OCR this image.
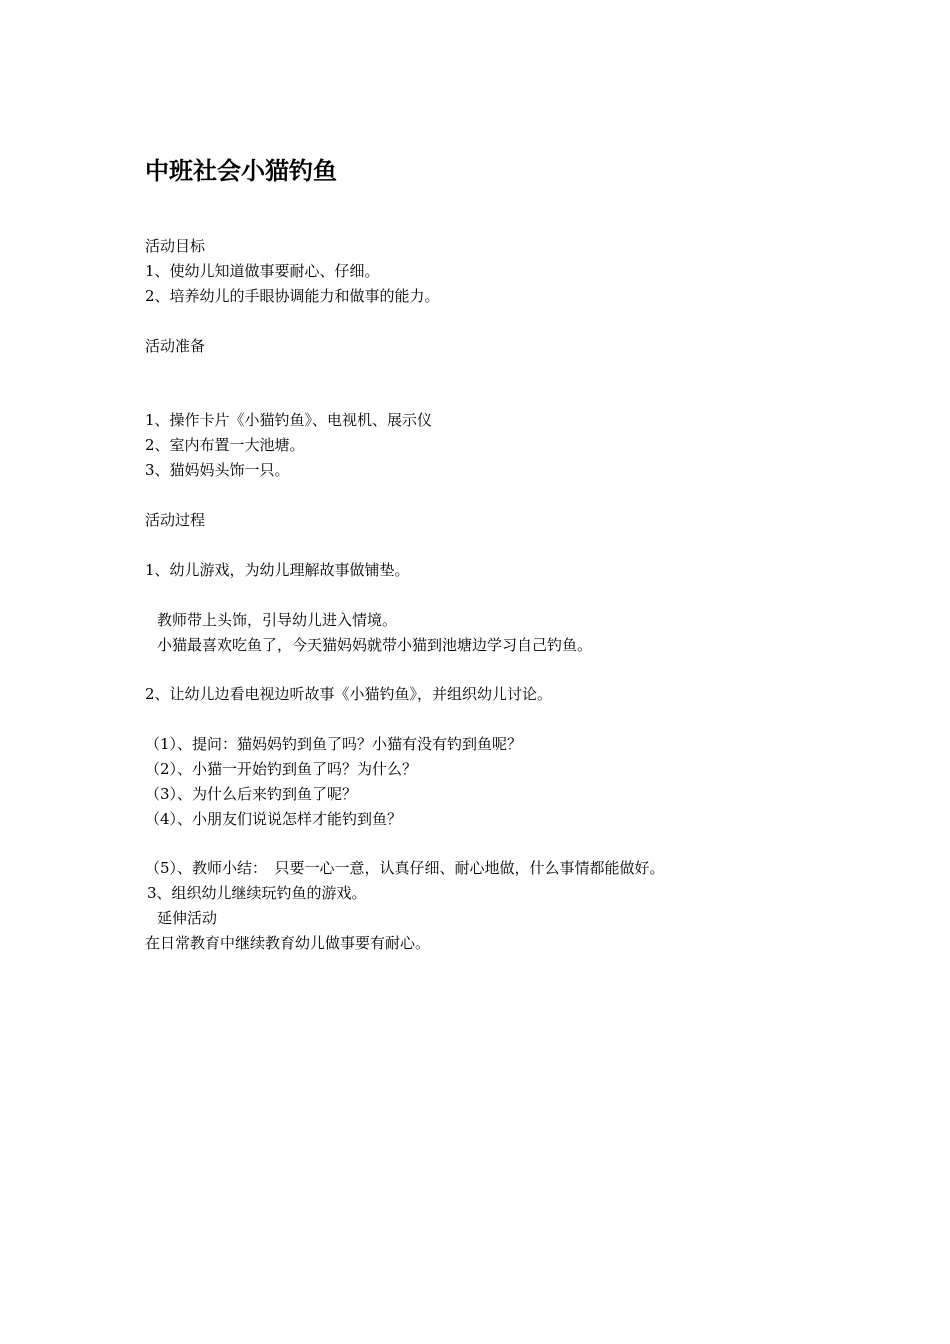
中班社会小猫钓鱼
活动目标
1、使幼儿知道做事要耐心、仔细。
2、培养幼儿的手眼协调能力和做事的能力。
活动准备
1、操作卡片《小猫钓鱼》、电视机、展示仪
2、室内布置一大池塘。
3、猫妈妈头饰一只。
活动过程
1、幼儿游戏，为幼儿理解故事做铺垫。
教师带上头饰，引导幼儿进入情境。
小猫最喜欢吃鱼了，今天猫妈妈就带小猫到池塘边学习自己钓鱼。
2、让幼儿边看电视边听故事《小猫钓鱼》，并组织幼儿讨论。
（1）、提问：猫妈妈钓到鱼了吗？小猫有没有钓到鱼呢？
（2）、小猫一开始钓到鱼了吗？为什么？
（3）、为什么后来钓到鱼了呢？
（4）、小朋友们说说怎样才能钓到鱼？
（5）、教师小结：　只要一心一意，认真仔细、耐心地做，什么事情都能做好。
3、组织幼儿继续玩钓鱼的游戏。
延伸活动
在日常教育中继续教育幼儿做事要有耐心。
